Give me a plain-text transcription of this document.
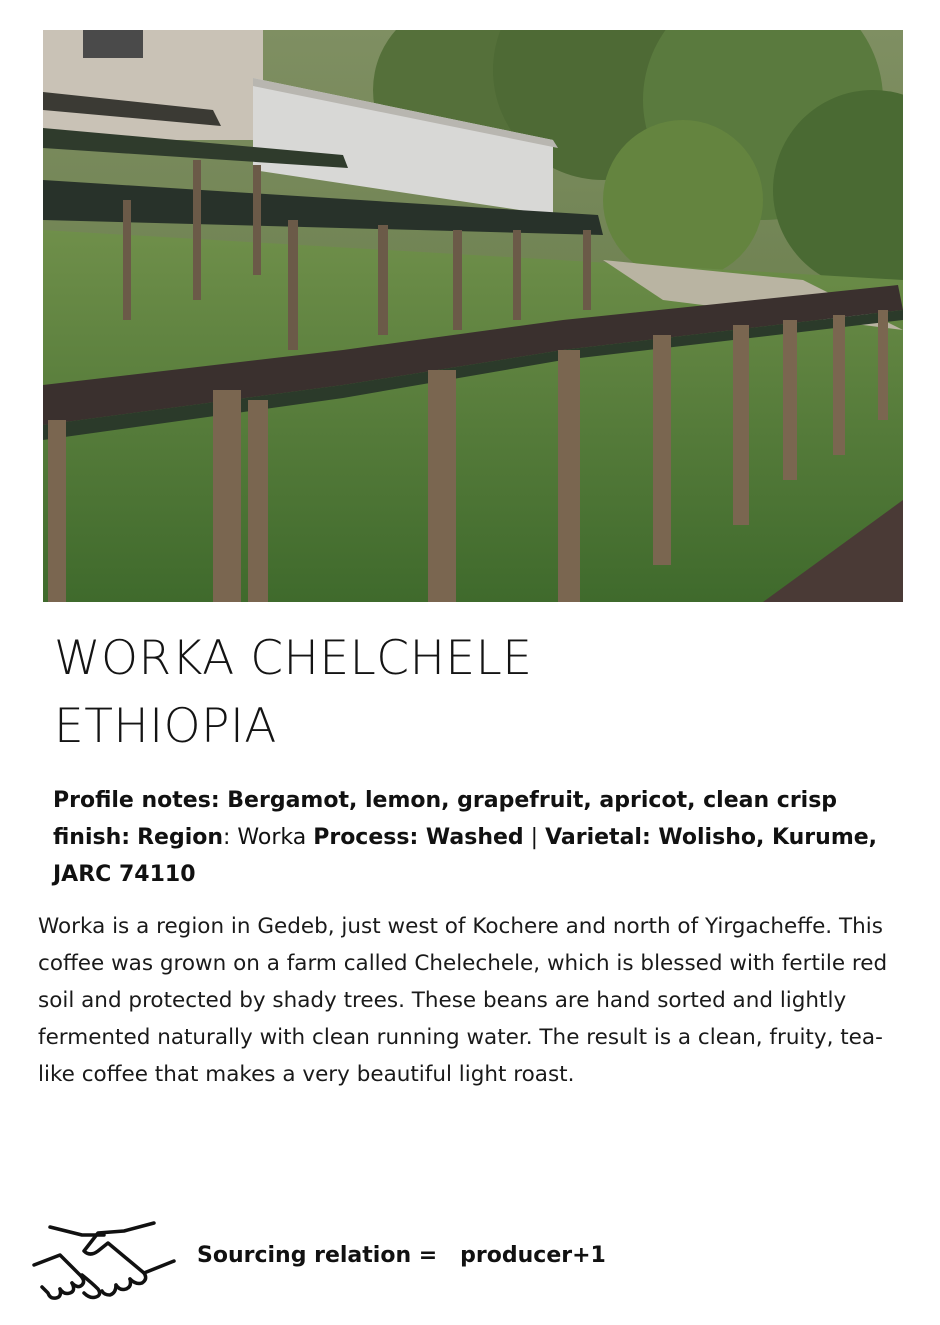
WORKA CHELCHELE
ETHIOPIA
Profile notes: Bergamot, lemon, grapefruit, apricot, clean crisp finish: Region: Worka Process: Washed | Varietal: Wolisho, Kurume, JARC 74110

Worka is a region in Gedeb, just west of Kochere and north of Yirgacheffe. This coffee was grown on a farm called Chelechele, which is blessed with fertile red soil and protected by shady trees. These beans are hand sorted and lightly fermented naturally with clean running water. The result is a clean, fruity, tea-like coffee that makes a very beautiful light roast.

Sourcing relation =   producer+1
